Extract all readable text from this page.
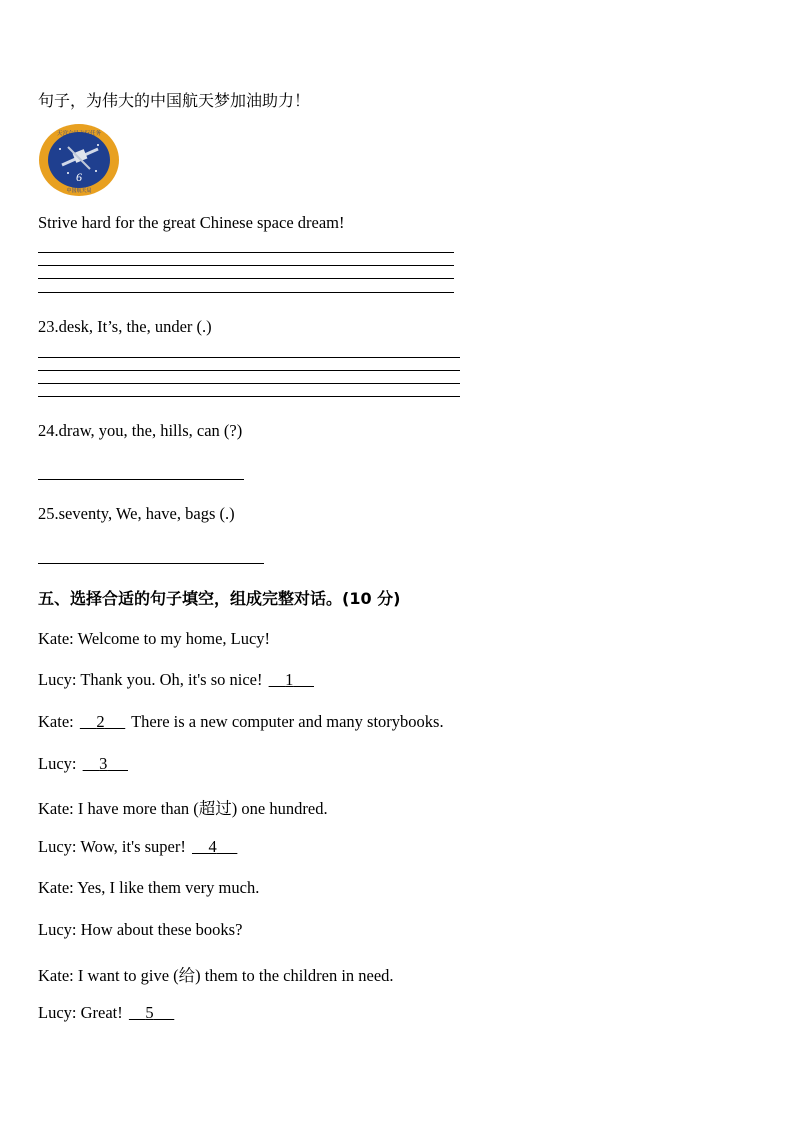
句子，为伟大的中国航天梦加油助力！
6
天宫六号飞行任务
中国航天局
Strive hard for the great Chinese space dream!
23.desk, It’s, the, under (.)
24.draw, you, the, hills, can (?)
25.seventy, We, have, bags (.)
五、选择合适的句子填空，组成完整对话。(10 分)
Kate: Welcome to my home, Lucy!
Lucy: Thank you. Oh, it's so nice! 1
Kate: 2 There is a new computer and many storybooks.
Lucy: 3
Kate: I have more than (超过) one hundred.
Lucy: Wow, it's super! 4
Kate: Yes, I like them very much.
Lucy: How about these books?
Kate: I want to give (给) them to the children in need.
Lucy: Great! 5
